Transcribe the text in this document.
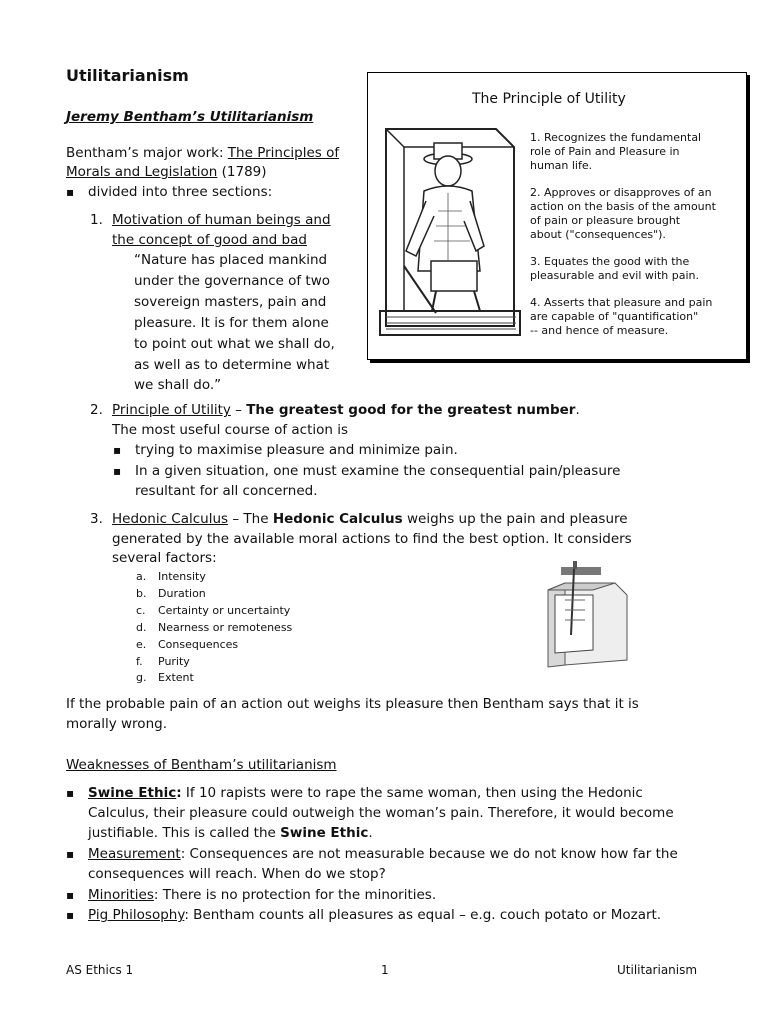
Utilitarianism
Jeremy Bentham’s Utilitarianism
Bentham’s major work: The Principles of
Morals and Legislation (1789)
▪ divided into three sections:
1. Motivation of human beings and
the concept of good and bad
“Nature has placed mankind
under the governance of two
sovereign masters, pain and
pleasure. It is for them alone
to point out what we shall do,
as well as to determine what
we shall do.”
2. Principle of Utility – The greatest good for the greatest number.
The most useful course of action is
▪ trying to maximise pleasure and minimize pain.
▪ In a given situation, one must examine the consequential pain/pleasure
resultant for all concerned.
3. Hedonic Calculus – The Hedonic Calculus weighs up the pain and pleasure
generated by the available moral actions to find the best option. It considers
several factors:
a. Intensity
b. Duration
c. Certainty or uncertainty
d. Nearness or remoteness
e. Consequences
f. Purity
g. Extent
If the probable pain of an action out weighs its pleasure then Bentham says that it is
morally wrong.
Weaknesses of Bentham’s utilitarianism
▪ Swine Ethic: If 10 rapists were to rape the same woman, then using the Hedonic
Calculus, their pleasure could outweigh the woman’s pain. Therefore, it would become
justifiable. This is called the Swine Ethic.
▪ Measurement: Consequences are not measurable because we do not know how far the
consequences will reach. When do we stop?
▪ Minorities: There is no protection for the minorities.
▪ Pig Philosophy: Bentham counts all pleasures as equal – e.g. couch potato or Mozart.
The Principle of Utility
1. Recognizes the fundamental
role of Pain and Pleasure in
human life.
2. Approves or disapproves of an
action on the basis of the amount
of pain or pleasure brought
about ("consequences").
3. Equates the good with the
pleasurable and evil with pain.
4. Asserts that pleasure and pain
are capable of "quantification"
-- and hence of measure.
AS Ethics 1	1	Utilitarianism
